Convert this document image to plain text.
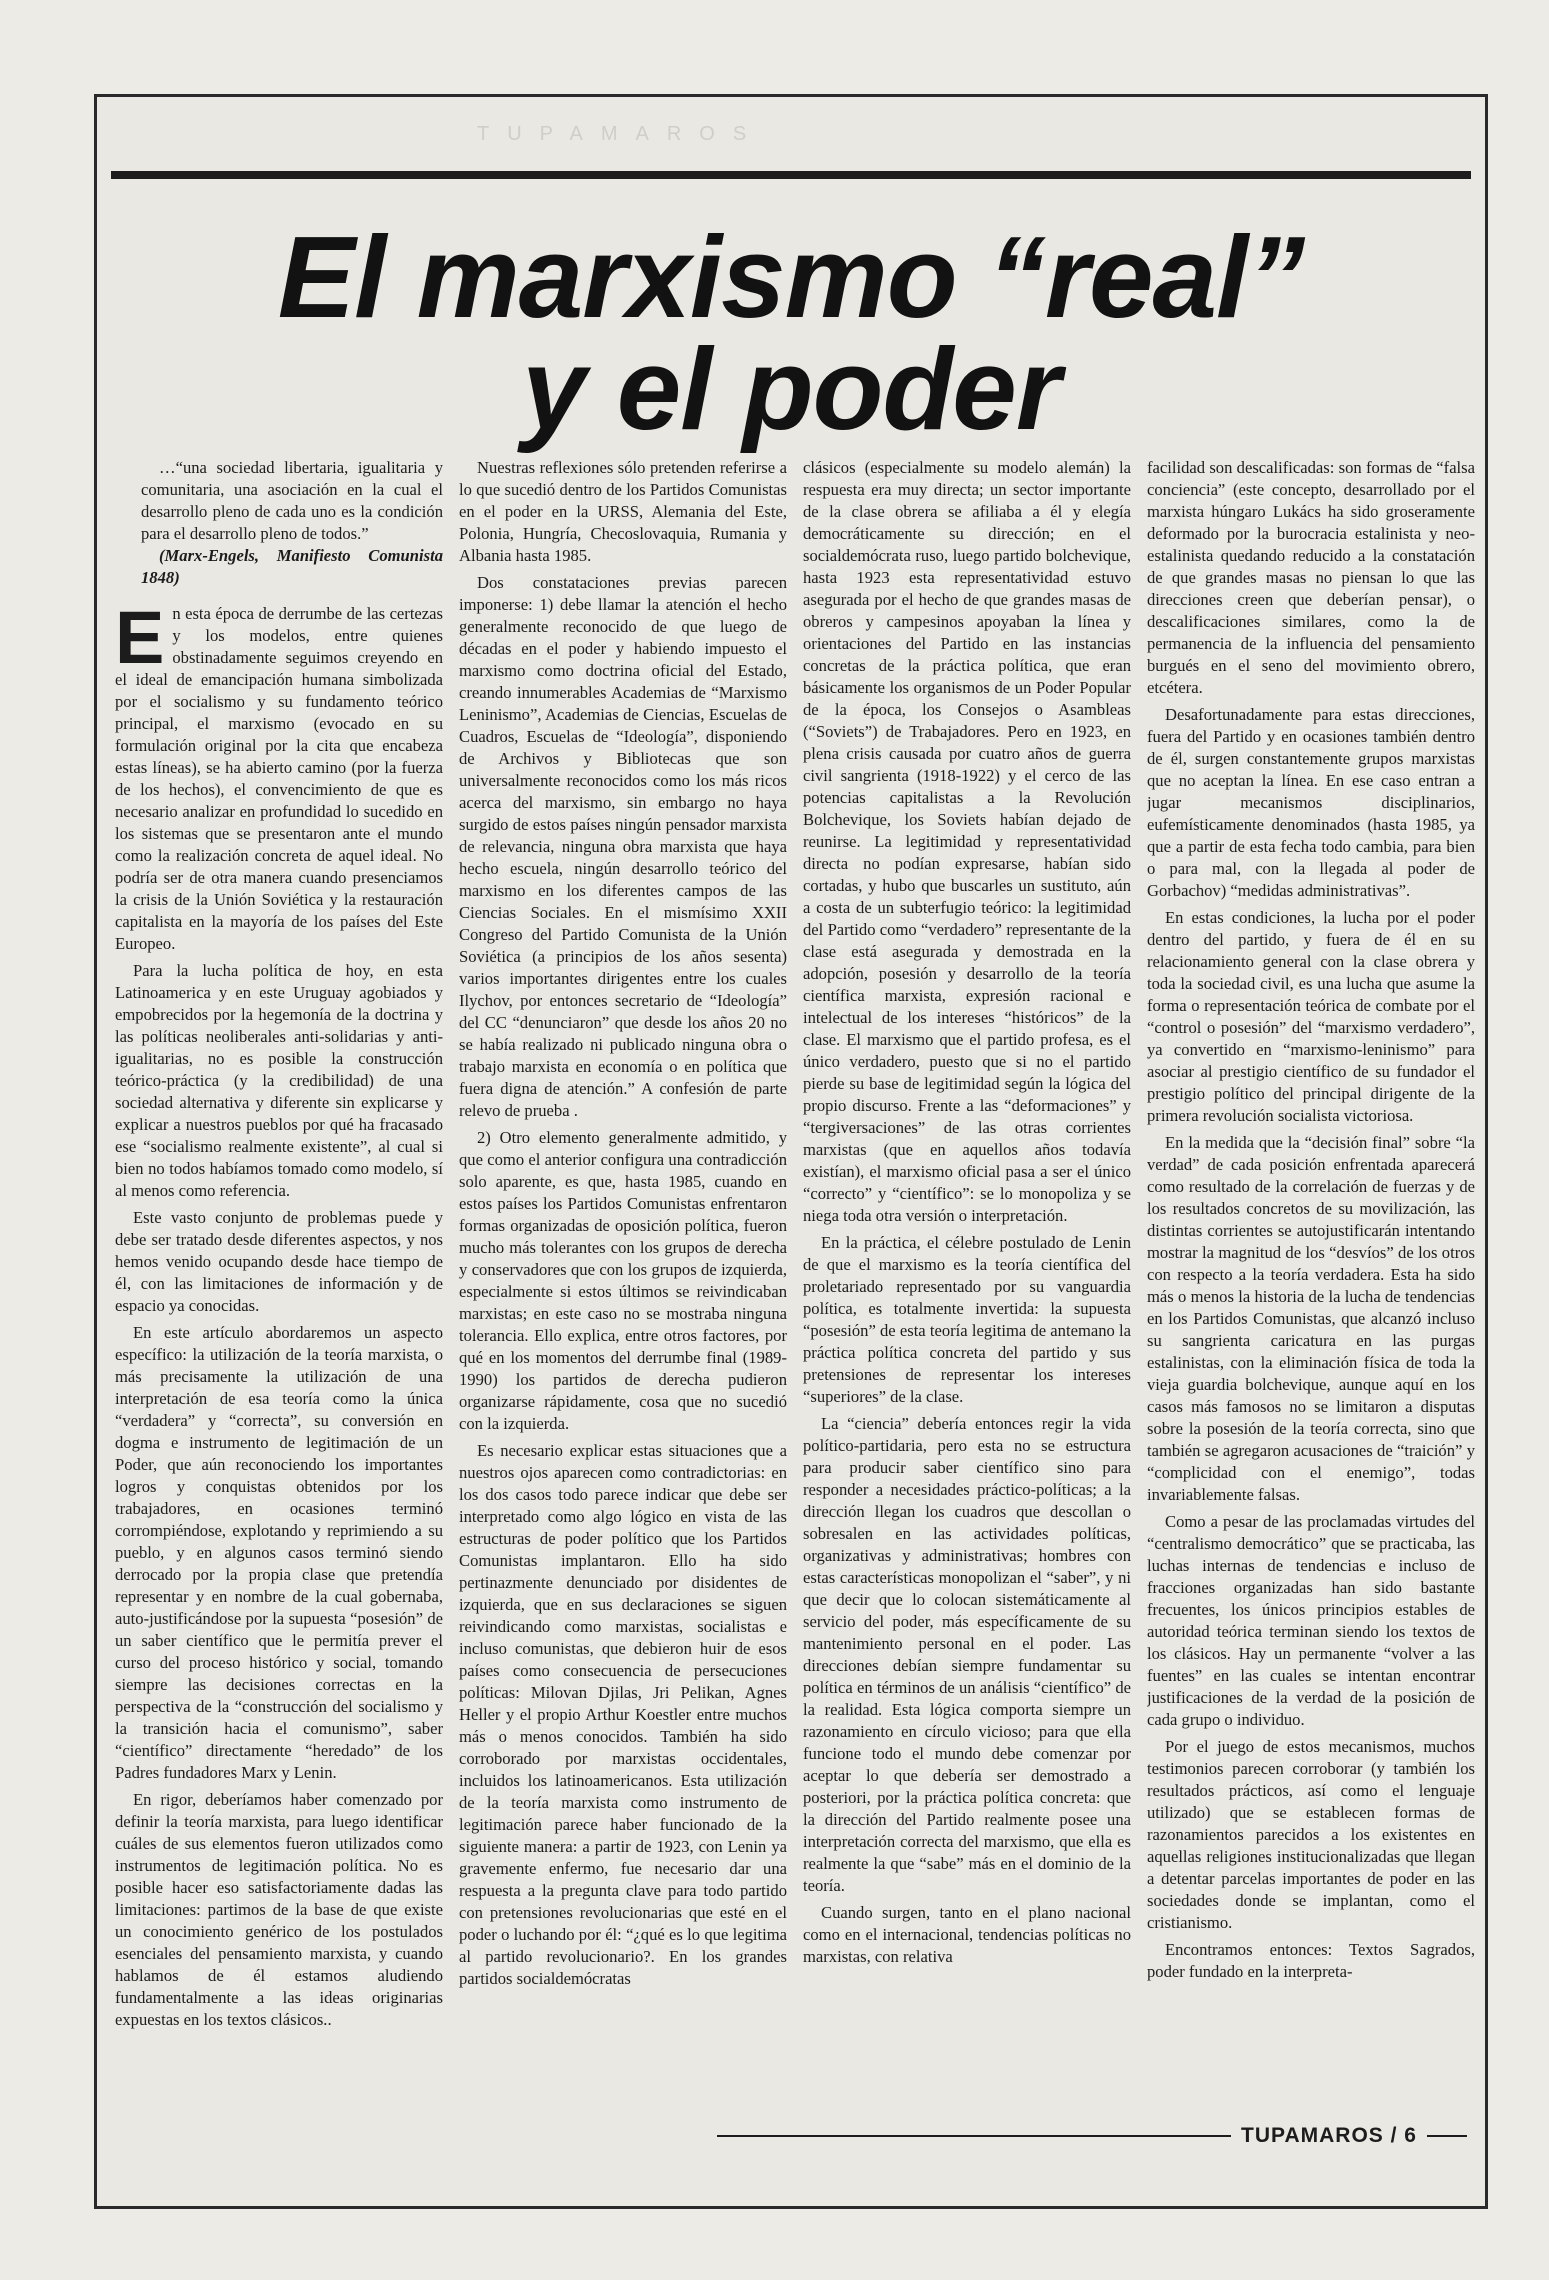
TUPAMAROS
El marxismo “real”
y el poder

…“una sociedad libertaria, igualitaria y comunitaria, una asociación en la cual el desarrollo pleno de cada uno es la condición para el desarrollo pleno de todos.”

(Marx-Engels, Manifiesto Comunista 1848)

En esta época de derrumbe de las certezas y los modelos, entre quienes obstinadamente seguimos creyendo en el ideal de emancipación humana simbolizada por el socialismo y su fundamento teórico principal, el marxismo (evocado en su formulación original por la cita que encabeza estas líneas), se ha abierto camino (por la fuerza de los hechos), el convencimiento de que es necesario analizar en profundidad lo sucedido en los sistemas que se presentaron ante el mundo como la realización concreta de aquel ideal. No podría ser de otra manera cuando presenciamos la crisis de la Unión Soviética y la restauración capitalista en la mayoría de los países del Este Europeo.

Para la lucha política de hoy, en esta Latinoamerica y en este Uruguay agobiados y empobrecidos por la hegemonía de la doctrina y las políticas neoliberales anti-solidarias y anti-igualitarias, no es posible la construcción teórico-práctica (y la credibilidad) de una sociedad alternativa y diferente sin explicarse y explicar a nuestros pueblos por qué ha fracasado ese “socialismo realmente existente”, al cual si bien no todos habíamos tomado como modelo, sí al menos como referencia.

Este vasto conjunto de problemas puede y debe ser tratado desde diferentes aspectos, y nos hemos venido ocupando desde hace tiempo de él, con las limitaciones de información y de espacio ya conocidas.

En este artículo abordaremos un aspecto específico: la utilización de la teoría marxista, o más precisamente la utilización de una interpretación de esa teoría como la única “verdadera” y “correcta”, su conversión en dogma e instrumento de legitimación de un Poder, que aún reconociendo los importantes logros y conquistas obtenidos por los trabajadores, en ocasiones terminó corrompiéndose, explotando y reprimiendo a su pueblo, y en algunos casos terminó siendo derrocado por la propia clase que pretendía representar y en nombre de la cual gobernaba, auto-justificándose por la supuesta “posesión” de un saber científico que le permitía prever el curso del proceso histórico y social, tomando siempre las decisiones correctas en la perspectiva de la “construcción del socialismo y la transición hacia el comunismo”, saber “científico” directamente “heredado” de los Padres fundadores Marx y Lenin.

En rigor, deberíamos haber comenzado por definir la teoría marxista, para luego identificar cuáles de sus elementos fueron utilizados como instrumentos de legitimación política. No es posible hacer eso satisfactoriamente dadas las limitaciones: partimos de la base de que existe un conocimiento genérico de los postulados esenciales del pensamiento marxista, y cuando hablamos de él estamos aludiendo fundamentalmente a las ideas originarias expuestas en los textos clásicos..

Nuestras reflexiones sólo pretenden referirse a lo que sucedió dentro de los Partidos Comunistas en el poder en la URSS, Alemania del Este, Polonia, Hungría, Checoslovaquia, Rumania y Albania hasta 1985.

Dos constataciones previas parecen imponerse: 1) debe llamar la atención el hecho generalmente reconocido de que luego de décadas en el poder y habiendo impuesto el marxismo como doctrina oficial del Estado, creando innumerables Academias de “Marxismo Leninismo”, Academias de Ciencias, Escuelas de Cuadros, Escuelas de “Ideología”, disponiendo de Archivos y Bibliotecas que son universalmente reconocidos como los más ricos acerca del marxismo, sin embargo no haya surgido de estos países ningún pensador marxista de relevancia, ninguna obra marxista que haya hecho escuela, ningún desarrollo teórico del marxismo en los diferentes campos de las Ciencias Sociales. En el mismísimo XXII Congreso del Partido Comunista de la Unión Soviética (a principios de los años sesenta) varios importantes dirigentes entre los cuales Ilychov, por entonces secretario de “Ideología” del CC “denunciaron” que desde los años 20 no se había realizado ni publicado ninguna obra o trabajo marxista en economía o en política que fuera digna de atención.” A confesión de parte relevo de prueba .

2) Otro elemento generalmente admitido, y que como el anterior configura una contradicción solo aparente, es que, hasta 1985, cuando en estos países los Partidos Comunistas enfrentaron formas organizadas de oposición política, fueron mucho más tolerantes con los grupos de derecha y conservadores que con los grupos de izquierda, especialmente si estos últimos se reivindicaban marxistas; en este caso no se mostraba ninguna tolerancia. Ello explica, entre otros factores, por qué en los momentos del derrumbe final (1989-1990) los partidos de derecha pudieron organizarse rápidamente, cosa que no sucedió con la izquierda.

Es necesario explicar estas situaciones que a nuestros ojos aparecen como contradictorias: en los dos casos todo parece indicar que debe ser interpretado como algo lógico en vista de las estructuras de poder político que los Partidos Comunistas implantaron. Ello ha sido pertinazmente denunciado por disidentes de izquierda, que en sus declaraciones se siguen reivindicando como marxistas, socialistas e incluso comunistas, que debieron huir de esos países como consecuencia de persecuciones políticas: Milovan Djilas, Jri Pelikan, Agnes Heller y el propio Arthur Koestler entre muchos más o menos conocidos. También ha sido corroborado por marxistas occidentales, incluidos los latinoamericanos. Esta utilización de la teoría marxista como instrumento de legitimación parece haber funcionado de la siguiente manera: a partir de 1923, con Lenin ya gravemente enfermo, fue necesario dar una respuesta a la pregunta clave para todo partido con pretensiones revolucionarias que esté en el poder o luchando por él: “¿qué es lo que legitima al partido revolucionario?. En los grandes partidos socialdemócratas

clásicos (especialmente su modelo alemán) la respuesta era muy directa; un sector importante de la clase obrera se afiliaba a él y elegía democráticamente su dirección; en el socialdemócrata ruso, luego partido bolchevique, hasta 1923 esta representatividad estuvo asegurada por el hecho de que grandes masas de obreros y campesinos apoyaban la línea y orientaciones del Partido en las instancias concretas de la práctica política, que eran básicamente los organismos de un Poder Popular de la época, los Consejos o Asambleas (“Soviets”) de Trabajadores. Pero en 1923, en plena crisis causada por cuatro años de guerra civil sangrienta (1918-1922) y el cerco de las potencias capitalistas a la Revolución Bolchevique, los Soviets habían dejado de reunirse. La legitimidad y representatividad directa no podían expresarse, habían sido cortadas, y hubo que buscarles un sustituto, aún a costa de un subterfugio teórico: la legitimidad del Partido como “verdadero” representante de la clase está asegurada y demostrada en la adopción, posesión y desarrollo de la teoría científica marxista, expresión racional e intelectual de los intereses “históricos” de la clase. El marxismo que el partido profesa, es el único verdadero, puesto que si no el partido pierde su base de legitimidad según la lógica del propio discurso. Frente a las “deformaciones” y “tergiversaciones” de las otras corrientes marxistas (que en aquellos años todavía existían), el marxismo oficial pasa a ser el único “correcto” y “científico”: se lo monopoliza y se niega toda otra versión o interpretación.

En la práctica, el célebre postulado de Lenin de que el marxismo es la teoría científica del proletariado representado por su vanguardia política, es totalmente invertida: la supuesta “posesión” de esta teoría legitima de antemano la práctica política concreta del partido y sus pretensiones de representar los intereses “superiores” de la clase.

La “ciencia” debería entonces regir la vida político-partidaria, pero esta no se estructura para producir saber científico sino para responder a necesidades práctico-políticas; a la dirección llegan los cuadros que descollan o sobresalen en las actividades políticas, organizativas y administrativas; hombres con estas características monopolizan el “saber”, y ni que decir que lo colocan sistemáticamente al servicio del poder, más específicamente de su mantenimiento personal en el poder. Las direcciones debían siempre fundamentar su política en términos de un análisis “científico” de la realidad. Esta lógica comporta siempre un razonamiento en círculo vicioso; para que ella funcione todo el mundo debe comenzar por aceptar lo que debería ser demostrado a posteriori, por la práctica política concreta: que la dirección del Partido realmente posee una interpretación correcta del marxismo, que ella es realmente la que “sabe” más en el dominio de la teoría.

Cuando surgen, tanto en el plano nacional como en el internacional, tendencias políticas no marxistas, con relativa

facilidad son descalificadas: son formas de “falsa conciencia” (este concepto, desarrollado por el marxista húngaro Lukács ha sido groseramente deformado por la burocracia estalinista y neo-estalinista quedando reducido a la constatación de que grandes masas no piensan lo que las direcciones creen que deberían pensar), o descalificaciones similares, como la de permanencia de la influencia del pensamiento burgués en el seno del movimiento obrero, etcétera.

Desafortunadamente para estas direcciones, fuera del Partido y en ocasiones también dentro de él, surgen constantemente grupos marxistas que no aceptan la línea. En ese caso entran a jugar mecanismos disciplinarios, eufemísticamente denominados (hasta 1985, ya que a partir de esta fecha todo cambia, para bien o para mal, con la llegada al poder de Gorbachov) “medidas administrativas”.

En estas condiciones, la lucha por el poder dentro del partido, y fuera de él en su relacionamiento general con la clase obrera y toda la sociedad civil, es una lucha que asume la forma o representación teórica de combate por el “control o posesión” del “marxismo verdadero”, ya convertido en “marxismo-leninismo” para asociar al prestigio científico de su fundador el prestigio político del principal dirigente de la primera revolución socialista victoriosa.

En la medida que la “decisión final” sobre “la verdad” de cada posición enfrentada aparecerá como resultado de la correlación de fuerzas y de los resultados concretos de su movilización, las distintas corrientes se autojustificarán intentando mostrar la magnitud de los “desvíos” de los otros con respecto a la teoría verdadera. Esta ha sido más o menos la historia de la lucha de tendencias en los Partidos Comunistas, que alcanzó incluso su sangrienta caricatura en las purgas estalinistas, con la eliminación física de toda la vieja guardia bolchevique, aunque aquí en los casos más famosos no se limitaron a disputas sobre la posesión de la teoría correcta, sino que también se agregaron acusaciones de “traición” y “complicidad con el enemigo”, todas invariablemente falsas.

Como a pesar de las proclamadas virtudes del “centralismo democrático” que se practicaba, las luchas internas de tendencias e incluso de fracciones organizadas han sido bastante frecuentes, los únicos principios estables de autoridad teórica terminan siendo los textos de los clásicos. Hay un permanente “volver a las fuentes” en las cuales se intentan encontrar justificaciones de la verdad de la posición de cada grupo o individuo.

Por el juego de estos mecanismos, muchos testimonios parecen corroborar (y también los resultados prácticos, así como el lenguaje utilizado) que se establecen formas de razonamientos parecidos a los existentes en aquellas religiones institucionalizadas que llegan a detentar parcelas importantes de poder en las sociedades donde se implantan, como el cristianismo.

Encontramos entonces: Textos Sagrados, poder fundado en la interpreta-

TUPAMAROS / 6
